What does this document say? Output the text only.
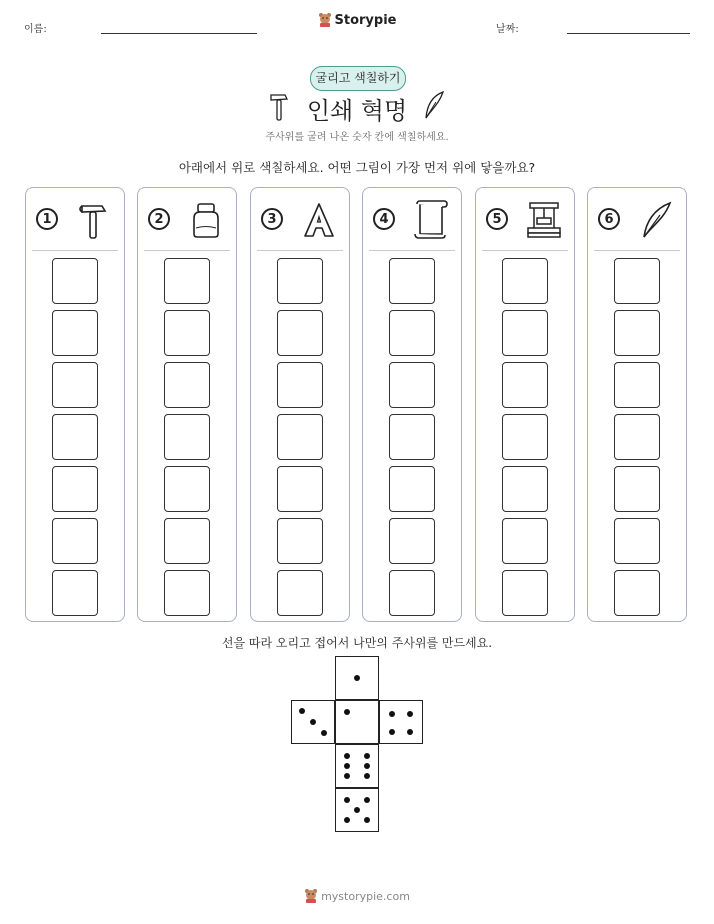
이름:
Storypie
날짜:
굴리고 색칠하기
인쇄 혁명
주사위를 굴려 나온 숫자 칸에 색칠하세요.
아래에서 위로 색칠하세요. 어떤 그림이 가장 먼저 위에 닿을까요?
1	2	3	4	5	6
선을 따라 오리고 접어서 나만의 주사위를 만드세요.
mystorypie.com
